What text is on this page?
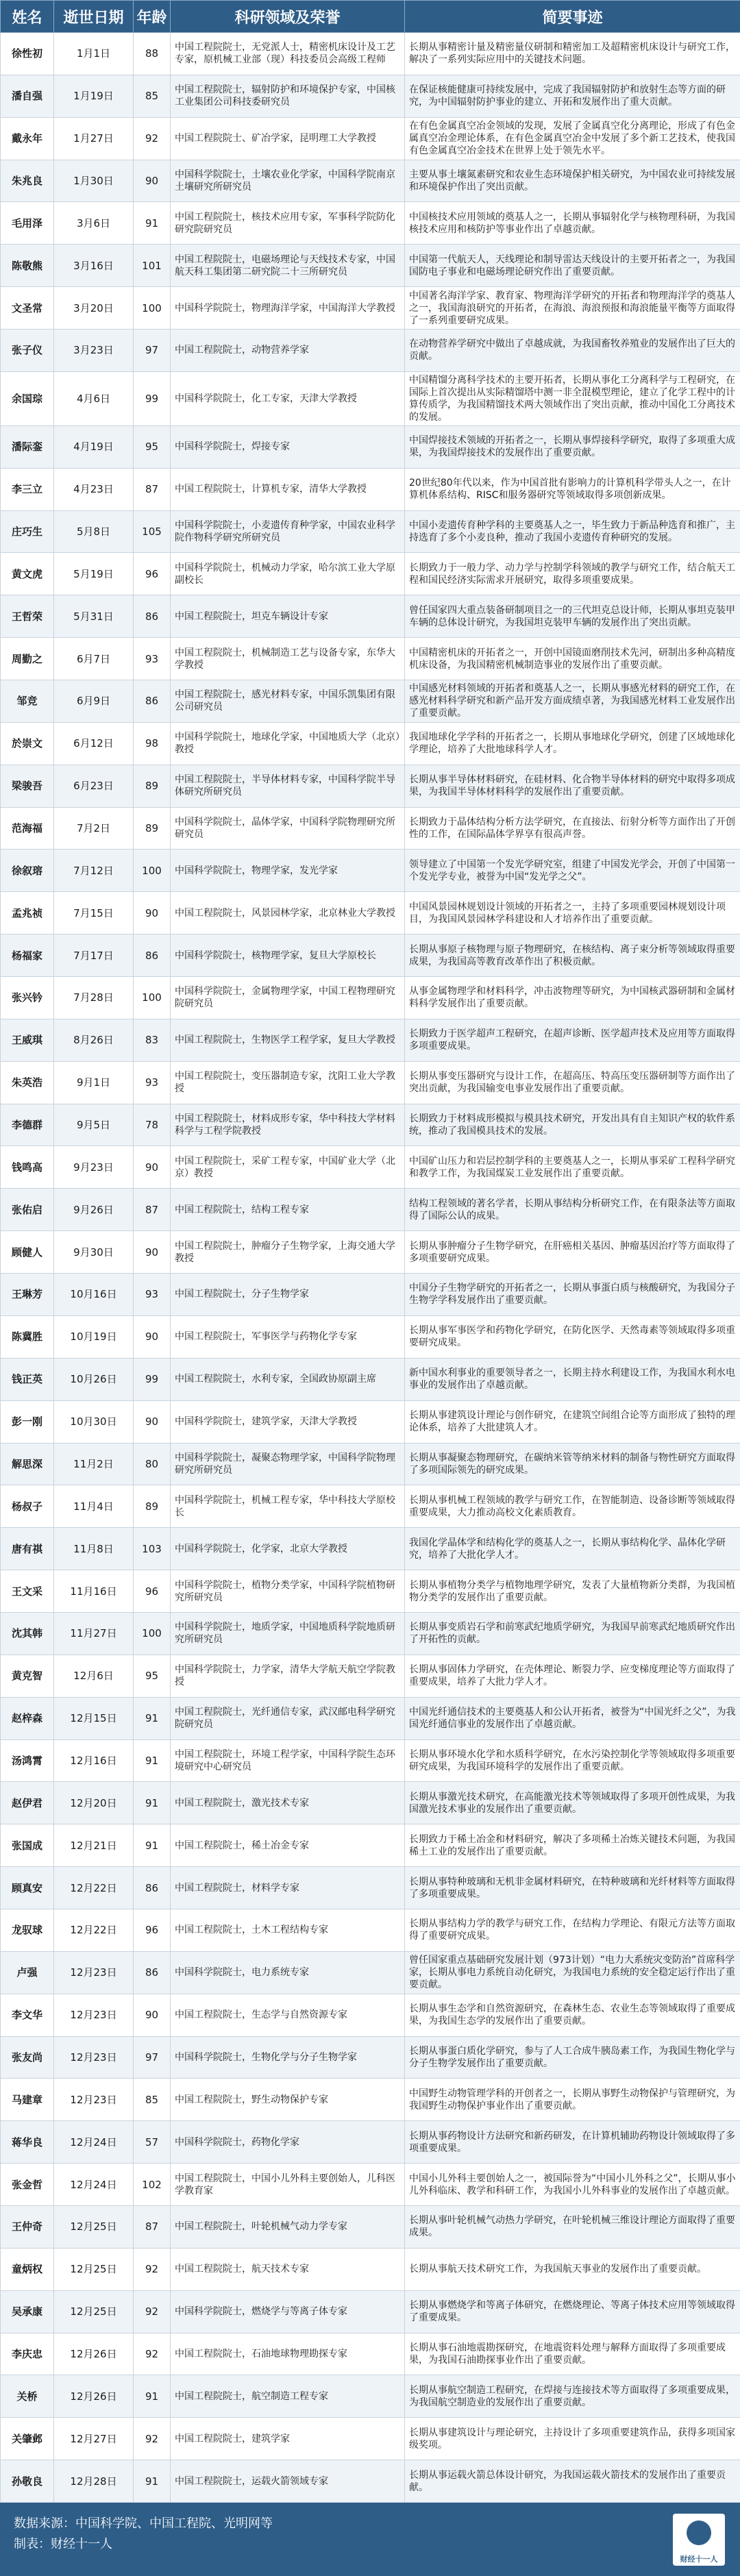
姓名	逝世日期	年龄	科研领域及荣誉	简要事迹
徐性初	1月1日	88	中国工程院院士，无党派人士，精密机床设计及工艺专家，原机械工业部（现）科技委员会高级工程师	长期从事精密计量及精密量仪研制和精密加工及超精密机床设计与研究工作，解决了一系列实际应用中的关键技术问题。
潘自强	1月19日	85	中国工程院院士，辐射防护和环境保护专家，中国核工业集团公司科技委研究员	在保证核能健康可持续发展中，完成了我国辐射防护和放射生态等方面的研究，为中国辐射防护事业的建立、开拓和发展作出了重大贡献。
戴永年	1月27日	92	中国工程院院士、矿冶学家，昆明理工大学教授	在有色金属真空冶金领域的发现，发展了金属真空化分离理论，形成了有色金属真空冶金理论体系，在有色金属真空冶金中发展了多个新工艺技术，使我国有色金属真空冶金技术在世界上处于领先水平。
朱兆良	1月30日	90	中国科学院院士，土壤农业化学家，中国科学院南京土壤研究所研究员	主要从事土壤氮素研究和农业生态环境保护相关研究，为中国农业可持续发展和环境保护作出了突出贡献。
毛用泽	3月6日	91	中国工程院院士，核技术应用专家，军事科学院防化研究院研究员	中国核技术应用领域的奠基人之一，长期从事辐射化学与核物理科研，为我国核技术应用和核防护等事业作出了卓越贡献。
陈敬熊	3月16日	101	中国工程院院士，电磁场理论与天线技术专家，中国航天科工集团第二研究院二十三所研究员	中国第一代航天人，天线理论和制导雷达天线设计的主要开拓者之一，为我国国防电子事业和电磁场理论研究作出了重要贡献。
文圣常	3月20日	100	中国科学院院士，物理海洋学家，中国海洋大学教授	中国著名海洋学家、教育家、物理海洋学研究的开拓者和物理海洋学的奠基人之一，我国海浪研究的开拓者，在海浪、海浪预报和海浪能量平衡等方面取得了一系列重要研究成果。
张子仪	3月23日	97	中国工程院院士，动物营养学家	在动物营养学研究中做出了卓越成就，为我国畜牧养殖业的发展作出了巨大的贡献。
余国琮	4月6日	99	中国科学院院士，化工专家，天津大学教授	中国精馏分离科学技术的主要开拓者，长期从事化工分离科学与工程研究，在国际上首次提出从实际精馏塔中测一非全混模型理论，建立了化学工程中的计算传质学，为我国精馏技术两大领域作出了突出贡献，推动中国化工分离技术的发展。
潘际銮	4月19日	95	中国科学院院士，焊接专家	中国焊接技术领域的开拓者之一，长期从事焊接科学研究，取得了多项重大成果，为我国焊接技术的发展作出了重要贡献。
李三立	4月23日	87	中国工程院院士，计算机专家，清华大学教授	20世纪80年代以来，作为中国首批有影响力的计算机科学带头人之一，在计算机体系结构、RISC和服务器研究等领域取得多项创新成果。
庄巧生	5月8日	105	中国科学院院士，小麦遗传育种学家，中国农业科学院作物科学研究所研究员	中国小麦遗传育种学科的主要奠基人之一，毕生致力于新品种选育和推广，主持选育了多个小麦良种，推动了我国小麦遗传育种研究的发展。
黄文虎	5月19日	96	中国科学院院士，机械动力学家，哈尔滨工业大学原副校长	长期致力于一般力学、动力学与控制学科领域的教学与研究工作，结合航天工程和国民经济实际需求开展研究，取得多项重要成果。
王哲荣	5月31日	86	中国工程院院士，坦克车辆设计专家	曾任国家四大重点装备研制项目之一的三代坦克总设计师，长期从事坦克装甲车辆的总体设计研究，为我国坦克装甲车辆的发展作出了突出贡献。
周勤之	6月7日	93	中国工程院院士，机械制造工艺与设备专家，东华大学教授	中国精密机床的开拓者之一，开创中国镜面磨削技术先河，研制出多种高精度机床设备，为我国精密机械制造事业的发展作出了重要贡献。
邹竞	6月9日	86	中国工程院院士，感光材料专家，中国乐凯集团有限公司研究员	中国感光材料领域的开拓者和奠基人之一，长期从事感光材料的研究工作，在感光材料科学研究和新产品开发方面成绩卓著，为我国感光材料工业发展作出了重要贡献。
於崇文	6月12日	98	中国科学院院士，地球化学家，中国地质大学（北京）教授	我国地球化学学科的开拓者之一，长期从事地球化学研究，创建了区域地球化学理论，培养了大批地球科学人才。
梁骏吾	6月23日	89	中国工程院院士，半导体材料专家，中国科学院半导体研究所研究员	长期从事半导体材料研究，在硅材料、化合物半导体材料的研究中取得多项成果，为我国半导体材料科学的发展作出了重要贡献。
范海福	7月2日	89	中国科学院院士，晶体学家，中国科学院物理研究所研究员	长期致力于晶体结构分析方法学研究，在直接法、衍射分析等方面作出了开创性的工作，在国际晶体学界享有很高声誉。
徐叙瑢	7月12日	100	中国科学院院士，物理学家，发光学家	领导建立了中国第一个发光学研究室，组建了中国发光学会，开创了中国第一个发光学专业，被誉为中国“发光学之父”。
孟兆祯	7月15日	90	中国工程院院士，风景园林学家，北京林业大学教授	中国风景园林规划设计领域的开拓者之一，主持了多项重要园林规划设计项目，为我国风景园林学科建设和人才培养作出了重要贡献。
杨福家	7月17日	86	中国科学院院士，核物理学家，复旦大学原校长	长期从事原子核物理与原子物理研究，在核结构、离子束分析等领域取得重要成果，为我国高等教育改革作出了积极贡献。
张兴钤	7月28日	100	中国科学院院士，金属物理学家，中国工程物理研究院研究员	从事金属物理学和材料科学，冲击波物理等研究，为中国核武器研制和金属材料科学发展作出了重要贡献。
王威琪	8月26日	83	中国工程院院士，生物医学工程学家，复旦大学教授	长期致力于医学超声工程研究，在超声诊断、医学超声技术及应用等方面取得多项重要成果。
朱英浩	9月1日	93	中国工程院院士，变压器制造专家，沈阳工业大学教授	长期从事变压器研究与设计工作，在超高压、特高压变压器研制等方面作出了突出贡献，为我国输变电事业发展作出了重要贡献。
李德群	9月5日	78	中国工程院院士，材料成形专家，华中科技大学材料科学与工程学院教授	长期致力于材料成形模拟与模具技术研究，开发出具有自主知识产权的软件系统，推动了我国模具技术的发展。
钱鸣高	9月23日	90	中国工程院院士，采矿工程专家，中国矿业大学（北京）教授	中国矿山压力和岩层控制学科的主要奠基人之一，长期从事采矿工程科学研究和教学工作，为我国煤炭工业发展作出了重要贡献。
张佑启	9月26日	87	中国工程院院士，结构工程专家	结构工程领域的著名学者，长期从事结构分析研究工作，在有限条法等方面取得了国际公认的成果。
顾健人	9月30日	90	中国工程院院士，肿瘤分子生物学家，上海交通大学教授	长期从事肿瘤分子生物学研究，在肝癌相关基因、肿瘤基因治疗等方面取得了多项重要研究成果。
王琳芳	10月16日	93	中国工程院院士，分子生物学家	中国分子生物学研究的开拓者之一，长期从事蛋白质与核酸研究，为我国分子生物学学科发展作出了重要贡献。
陈冀胜	10月19日	90	中国工程院院士，军事医学与药物化学专家	长期从事军事医学和药物化学研究，在防化医学、天然毒素等领域取得多项重要研究成果。
钱正英	10月26日	99	中国工程院院士，水利专家，全国政协原副主席	新中国水利事业的重要领导者之一，长期主持水利建设工作，为我国水利水电事业的发展作出了卓越贡献。
彭一刚	10月30日	90	中国科学院院士，建筑学家，天津大学教授	长期从事建筑设计理论与创作研究，在建筑空间组合论等方面形成了独特的理论体系，培养了大批建筑人才。
解思深	11月2日	80	中国科学院院士，凝聚态物理学家，中国科学院物理研究所研究员	长期从事凝聚态物理研究，在碳纳米管等纳米材料的制备与物性研究方面取得了多项国际领先的研究成果。
杨叔子	11月4日	89	中国科学院院士，机械工程专家，华中科技大学原校长	长期从事机械工程领域的教学与研究工作，在智能制造、设备诊断等领域取得重要成果，大力推动高校文化素质教育。
唐有祺	11月8日	103	中国科学院院士，化学家，北京大学教授	我国化学晶体学和结构化学的奠基人之一，长期从事结构化学、晶体化学研究，培养了大批化学人才。
王文采	11月16日	96	中国科学院院士，植物分类学家，中国科学院植物研究所研究员	长期从事植物分类学与植物地理学研究，发表了大量植物新分类群，为我国植物分类学的发展作出了重要贡献。
沈其韩	11月27日	100	中国科学院院士，地质学家，中国地质科学院地质研究所研究员	长期从事变质岩石学和前寒武纪地质学研究，为我国早前寒武纪地质研究作出了开拓性的贡献。
黄克智	12月6日	95	中国科学院院士，力学家，清华大学航天航空学院教授	长期从事固体力学研究，在壳体理论、断裂力学、应变梯度理论等方面取得了重要成果，培养了大批力学人才。
赵梓森	12月15日	91	中国工程院院士，光纤通信专家，武汉邮电科学研究院研究员	中国光纤通信技术的主要奠基人和公认开拓者，被誉为“中国光纤之父”，为我国光纤通信事业的发展作出了卓越贡献。
汤鸿霄	12月16日	91	中国工程院院士，环境工程学家，中国科学院生态环境研究中心研究员	长期从事环境水化学和水质科学研究，在水污染控制化学等领域取得多项重要研究成果，为我国环境科学的发展作出了重要贡献。
赵伊君	12月20日	91	中国工程院院士，激光技术专家	长期从事激光技术研究，在高能激光技术等领域取得了多项开创性成果，为我国激光技术事业的发展作出了重要贡献。
张国成	12月21日	91	中国工程院院士，稀土冶金专家	长期致力于稀土冶金和材料研究，解决了多项稀土冶炼关键技术问题，为我国稀土工业的发展作出了重要贡献。
顾真安	12月22日	86	中国工程院院士，材料学专家	长期从事特种玻璃和无机非金属材料研究，在特种玻璃和光纤材料等方面取得了多项重要成果。
龙驭球	12月22日	96	中国工程院院士，土木工程结构专家	长期从事结构力学的教学与研究工作，在结构力学理论、有限元方法等方面取得了重要研究成果。
卢强	12月23日	86	中国科学院院士，电力系统专家	曾任国家重点基础研究发展计划（973计划）“电力大系统灾变防治”首席科学家，长期从事电力系统自动化研究，为我国电力系统的安全稳定运行作出了重要贡献。
李文华	12月23日	90	中国工程院院士，生态学与自然资源专家	长期从事生态学和自然资源研究，在森林生态、农业生态等领域取得了重要成果，为我国生态学的发展作出了重要贡献。
张友尚	12月23日	97	中国科学院院士，生物化学与分子生物学家	长期从事蛋白质化学研究，参与了人工合成牛胰岛素工作，为我国生物化学与分子生物学发展作出了重要贡献。
马建章	12月23日	85	中国工程院院士，野生动物保护专家	中国野生动物管理学科的开创者之一，长期从事野生动物保护与管理研究，为我国野生动物保护事业作出了重要贡献。
蒋华良	12月24日	57	中国科学院院士，药物化学家	长期从事药物设计方法研究和新药研发，在计算机辅助药物设计领域取得了多项重要成果。
张金哲	12月24日	102	中国工程院院士，中国小儿外科主要创始人，儿科医学教育家	中国小儿外科主要创始人之一，被国际誉为“中国小儿外科之父”，长期从事小儿外科临床、教学和科研工作，为我国小儿外科事业的发展作出了卓越贡献。
王仲奇	12月25日	87	中国工程院院士，叶轮机械气动力学专家	长期从事叶轮机械气动热力学研究，在叶轮机械三维设计理论方面取得了重要成果。
童炳权	12月25日	92	中国工程院院士，航天技术专家	长期从事航天技术研究工作，为我国航天事业的发展作出了重要贡献。
吴承康	12月25日	92	中国科学院院士，燃烧学与等离子体专家	长期从事燃烧学和等离子体研究，在燃烧理论、等离子体技术应用等领域取得了重要成果。
李庆忠	12月26日	92	中国工程院院士，石油地球物理勘探专家	长期从事石油地震勘探研究，在地震资料处理与解释方面取得了多项重要成果，为我国石油勘探事业作出了重要贡献。
关桥	12月26日	91	中国工程院院士，航空制造工程专家	长期从事航空制造工程研究，在焊接与连接技术等方面取得了多项重要成果，为我国航空制造业的发展作出了重要贡献。
关肇邺	12月27日	92	中国工程院院士，建筑学家	长期从事建筑设计与理论研究，主持设计了多项重要建筑作品，获得多项国家级奖项。
孙敬良	12月28日	91	中国工程院院士，运载火箭领域专家	长期从事运载火箭总体设计研究，为我国运载火箭技术的发展作出了重要贡献。
数据来源：中国科学院、中国工程院、光明网等
制表：财经十一人
财经十一人
